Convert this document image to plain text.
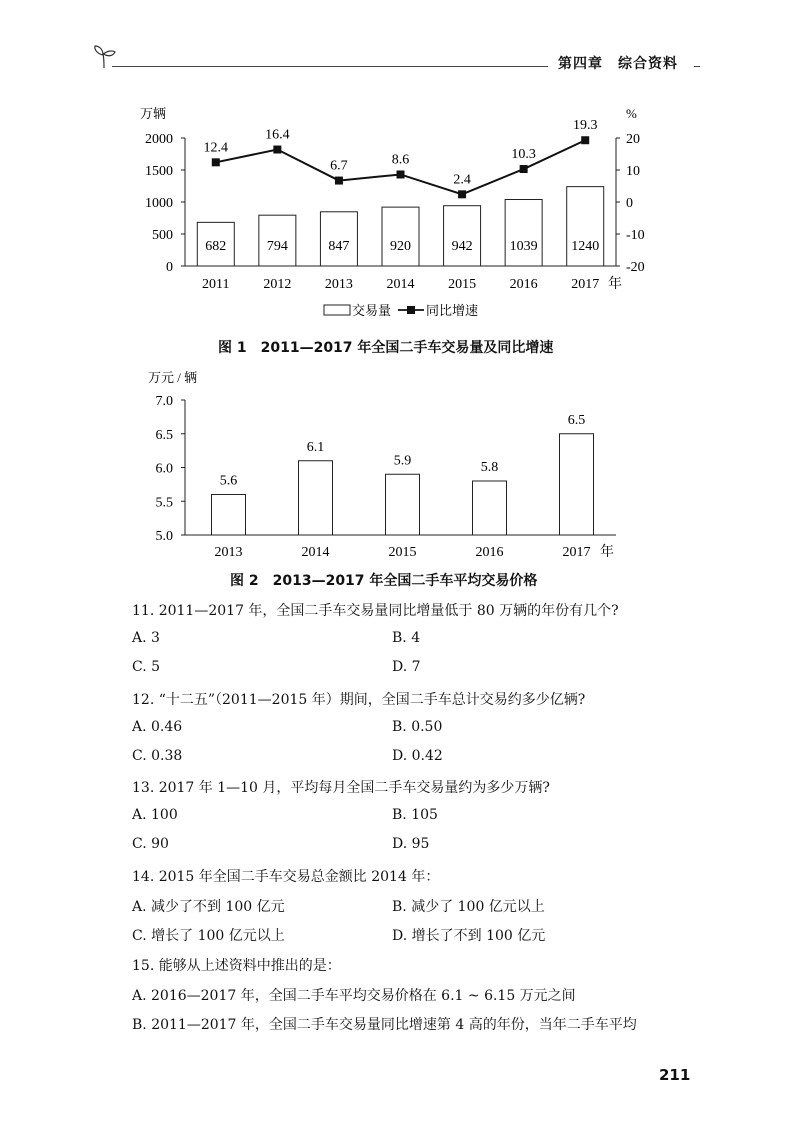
第四章　综合资料
万辆	%
2000
1500
1000
500
0
20
10
0
-10
-20
682	794	847	920	942	1039 1240
12.4
16.4
6.7	8.6
2.4
10.3
19.3
2011 2012 2013 2014 2015 2016 2017 年
交易量	同比增速
图 1　2011—2017 年全国二手车交易量及同比增速
万元 / 辆
7.0
6.5
6.0
5.5
5.0
5.6
6.1
5.9	5.8
6.5
2013	2014	2015	2016	2017 年
图 2　2013—2017 年全国二手车平均交易价格
11. 2011—2017 年，全国二手车交易量同比增量低于 80 万辆的年份有几个?
A. 3	B. 4
C. 5	D. 7
12. “十二五”（2011—2015 年）期间，全国二手车总计交易约多少亿辆?
A. 0.46	B. 0.50
C. 0.38	D. 0.42
13. 2017 年 1—10 月，平均每月全国二手车交易量约为多少万辆?
A. 100	B. 105
C. 90	D. 95
14. 2015 年全国二手车交易总金额比 2014 年：
A. 减少了不到 100 亿元	B. 减少了 100 亿元以上
C. 增长了 100 亿元以上	D. 增长了不到 100 亿元
15. 能够从上述资料中推出的是：
A. 2016—2017 年，全国二手车平均交易价格在 6.1 ~ 6.15 万元之间
B. 2011—2017 年，全国二手车交易量同比增速第 4 高的年份，当年二手车平均
211
